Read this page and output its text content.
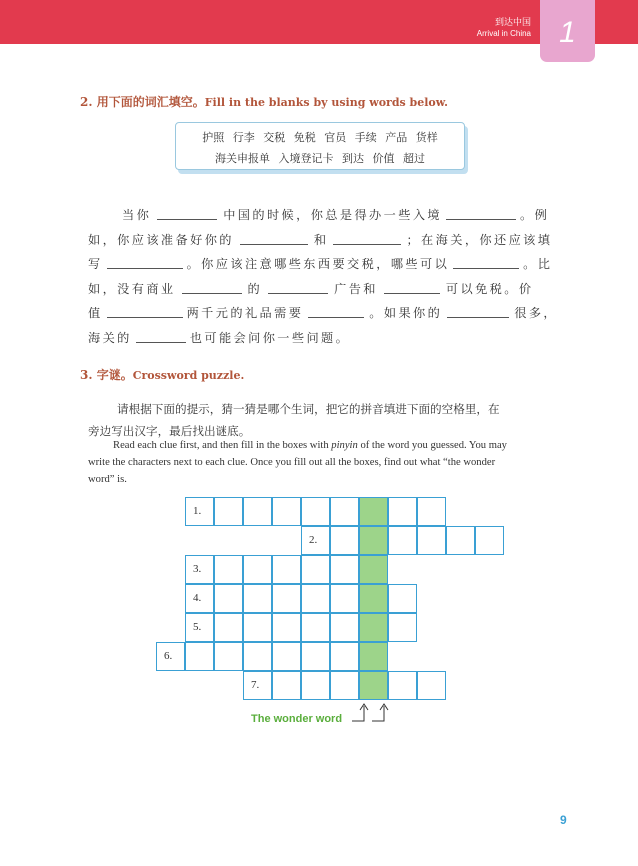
到达中国
Arrival in China 1
2. 用下面的词汇填空。Fill in the blanks by using words below.
护照 行李 交税 免税 官员 手续 产品 货样
海关申报单 入境登记卡 到达 价值 超过
当你	中国的时候，你总是得办一些入境	。例
如，你应该准备好你的	和	；在海关，你还应该填
写	。你应该注意哪些东西要交税，哪些可以	。比
如，没有商业	的	广告和	可以免税。价
值	两千元的礼品需要	。如果你的	很多，
海关的	也可能会问你一些问题。
3. 字谜。Crossword puzzle.
请根据下面的提示，猜一猜是哪个生词，把它的拼音填进下面的空格里，在
旁边写出汉字，最后找出谜底。
Read each clue first, and then fill in the boxes with pinyin of the word you guessed. You may
write the characters next to each clue. Once you fill out all the boxes, find out what “the wonder
word” is.
1.
2.
3.
4.
5.
6.
7.
The wonder word
9
